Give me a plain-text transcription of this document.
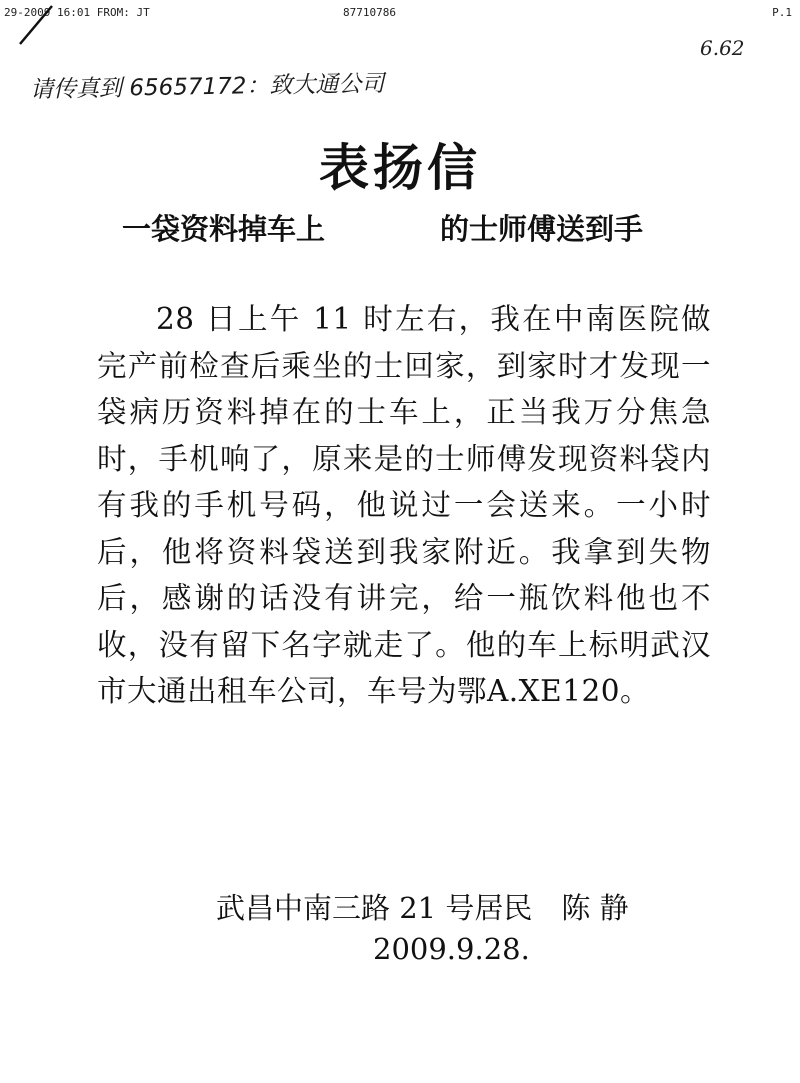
29-2009 16:01 FROM: JT	87710786	P.1
6.62
请传真到 65657172：致大通公司
表扬信
一袋资料掉车上	的士师傅送到手

28 日上午 11 时左右，我在中南医院做完产前检查后乘坐的士回家，到家时才发现一袋病历资料掉在的士车上，正当我万分焦急时，手机响了，原来是的士师傅发现资料袋内有我的手机号码，他说过一会送来。一小时后，他将资料袋送到我家附近。我拿到失物后，感谢的话没有讲完，给一瓶饮料他也不收，没有留下名字就走了。他的车上标明武汉市大通出租车公司，车号为鄂A.XE120。

武昌中南三路 21 号居民　陈 静

2009.9.28.
